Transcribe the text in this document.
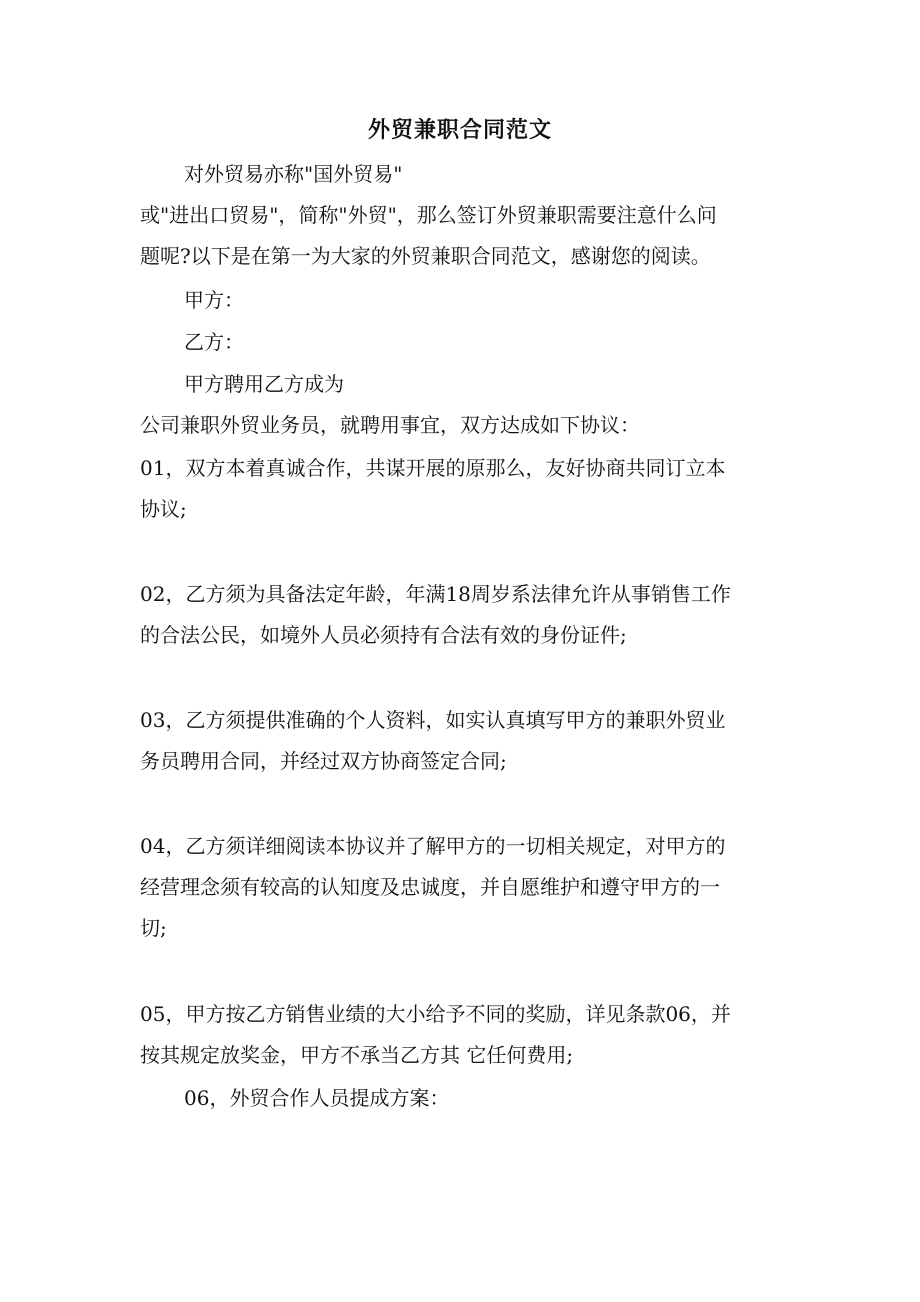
外贸兼职合同范文
对外贸易亦称"国外贸易"
或"进出口贸易"，简称"外贸"，那么签订外贸兼职需要注意什么问
题呢?以下是在第一为大家的外贸兼职合同范文，感谢您的阅读。
甲方：
乙方：
甲方聘用乙方成为
公司兼职外贸业务员，就聘用事宜，双方达成如下协议：
01，双方本着真诚合作，共谋开展的原那么，友好协商共同订立本
协议;
02，乙方须为具备法定年龄，年满18周岁系法律允许从事销售工作
的合法公民，如境外人员必须持有合法有效的身份证件;
03，乙方须提供准确的个人资料，如实认真填写甲方的兼职外贸业
务员聘用合同，并经过双方协商签定合同;
04，乙方须详细阅读本协议并了解甲方的一切相关规定，对甲方的
经营理念须有较高的认知度及忠诚度，并自愿维护和遵守甲方的一
切;
05，甲方按乙方销售业绩的大小给予不同的奖励，详见条款06，并
按其规定放奖金，甲方不承当乙方其 它任何费用;
06，外贸合作人员提成方案：
